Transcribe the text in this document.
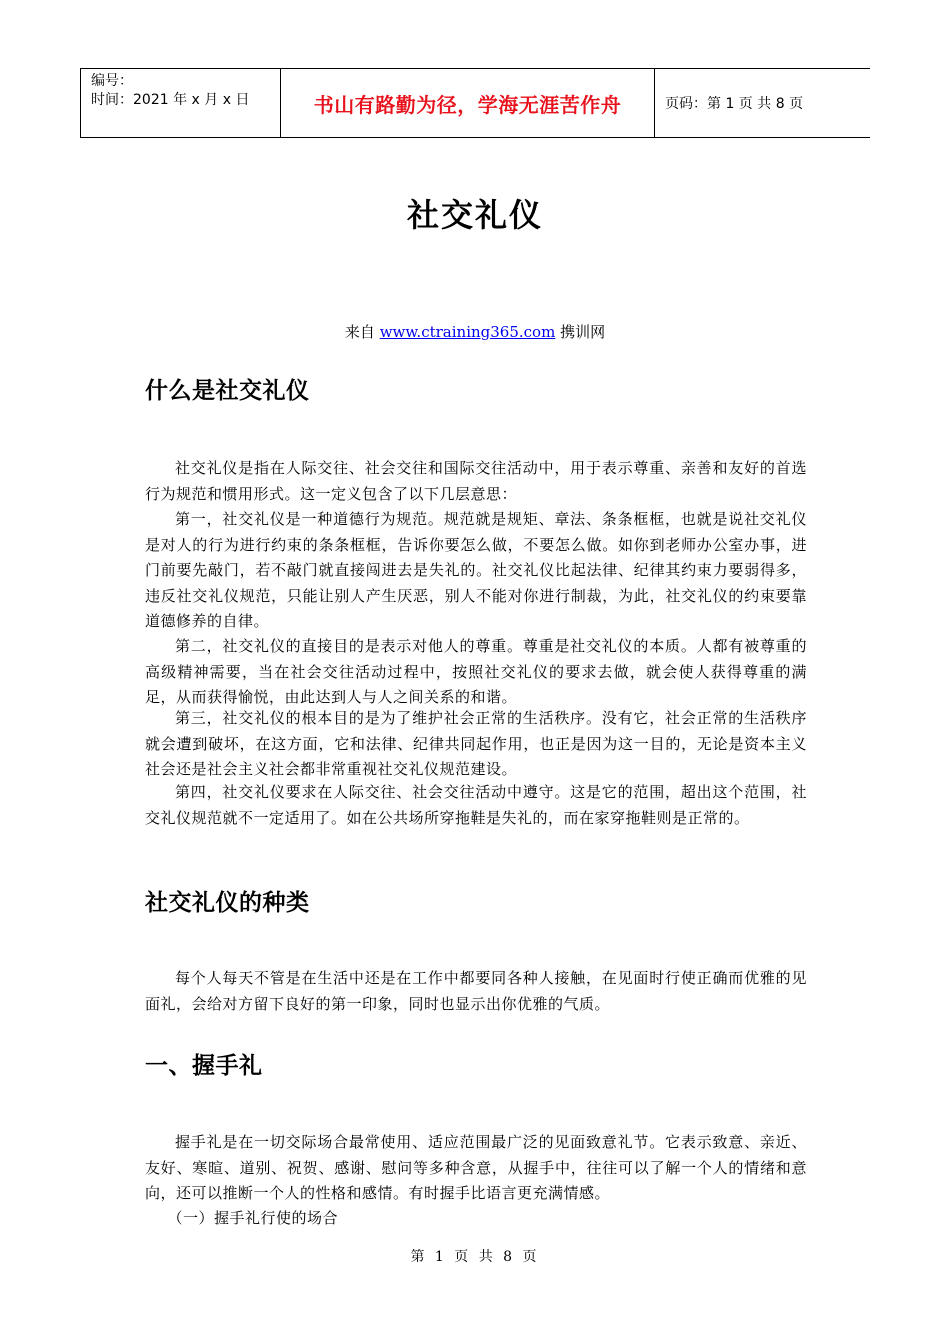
编号：
时间：2021 年 x 月 x 日	书山有路勤为径，学海无涯苦作舟	页码：第 1 页 共 8 页
社交礼仪
来自 www.ctraining365.com 携训网
什么是社交礼仪
社交礼仪是指在人际交往、社会交往和国际交往活动中，用于表示尊重、亲善和友好的首选行为规范和惯用形式。这一定义包含了以下几层意思：
第一，社交礼仪是一种道德行为规范。规范就是规矩、章法、条条框框，也就是说社交礼仪是对人的行为进行约束的条条框框，告诉你要怎么做，不要怎么做。如你到老师办公室办事，进门前要先敲门，若不敲门就直接闯进去是失礼的。社交礼仪比起法律、纪律其约束力要弱得多，违反社交礼仪规范，只能让别人产生厌恶，别人不能对你进行制裁，为此，社交礼仪的约束要靠道德修养的自律。
第二，社交礼仪的直接目的是表示对他人的尊重。尊重是社交礼仪的本质。人都有被尊重的高级精神需要，当在社会交往活动过程中，按照社交礼仪的要求去做，就会使人获得尊重的满足，从而获得愉悦，由此达到人与人之间关系的和谐。
第三，社交礼仪的根本目的是为了维护社会正常的生活秩序。没有它，社会正常的生活秩序就会遭到破坏，在这方面，它和法律、纪律共同起作用，也正是因为这一目的，无论是资本主义社会还是社会主义社会都非常重视社交礼仪规范建设。
第四，社交礼仪要求在人际交往、社会交往活动中遵守。这是它的范围，超出这个范围，社交礼仪规范就不一定适用了。如在公共场所穿拖鞋是失礼的，而在家穿拖鞋则是正常的。
社交礼仪的种类
每个人每天不管是在生活中还是在工作中都要同各种人接触，在见面时行使正确而优雅的见面礼，会给对方留下良好的第一印象，同时也显示出你优雅的气质。
一、握手礼
握手礼是在一切交际场合最常使用、适应范围最广泛的见面致意礼节。它表示致意、亲近、友好、寒暄、道别、祝贺、感谢、慰问等多种含意，从握手中，往往可以了解一个人的情绪和意向，还可以推断一个人的性格和感情。有时握手比语言更充满情感。
（一）握手礼行使的场合
第 1 页 共 8 页
